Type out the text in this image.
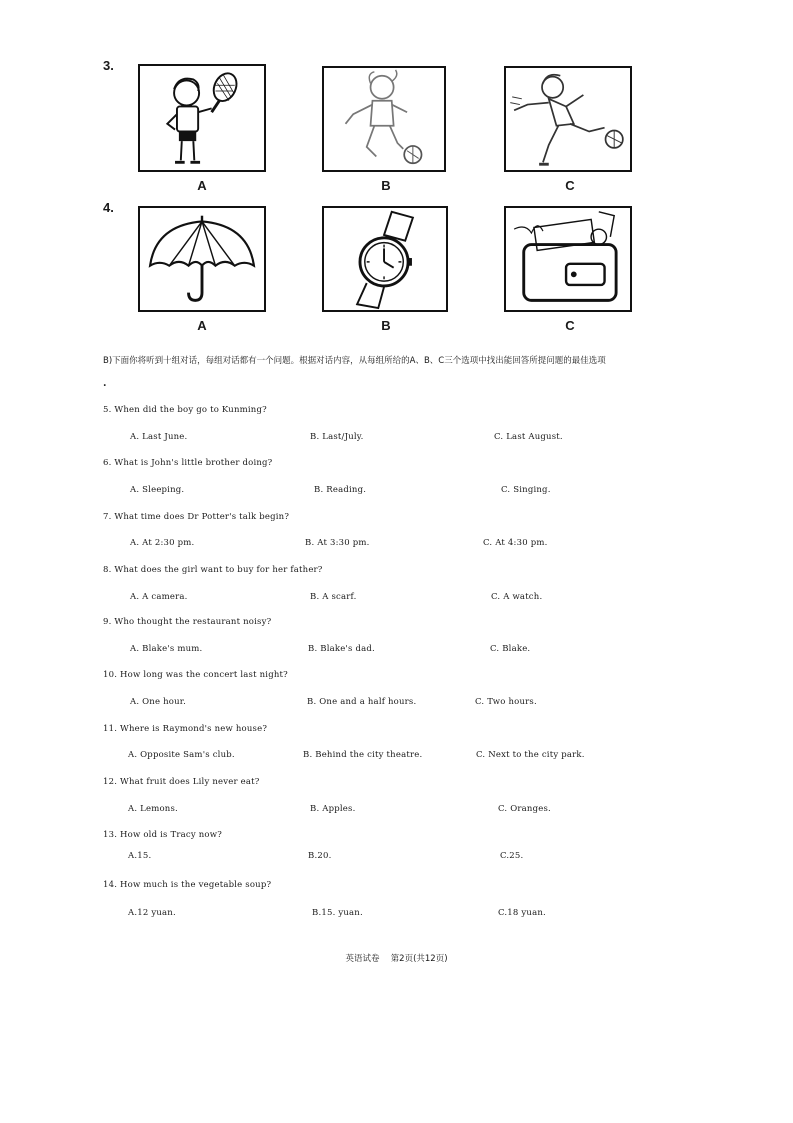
3.
A	B	C
4.
A	B	C
B)下面你将听到十组对话，每组对话都有一个问题。根据对话内容，从每组所给的A、B、C三个选项中找出能回答所提问题的最佳选项
.
5. When did the boy go to Kunming?
A. Last June.	B. Last/July.	C. Last August.
6. What is John's little brother doing?
A. Sleeping.	B. Reading.	C. Singing.
7. What time does Dr Potter's talk begin?
A. At 2:30 pm.	B. At 3:30 pm.	C. At 4:30 pm.
8. What does the girl want to buy for her father?
A. A camera.	B. A scarf.	C. A watch.
9. Who thought the restaurant noisy?
A. Blake's mum.	B. Blake's dad.	C. Blake.
10. How long was the concert last night?
A. One hour.	B. One and a half hours.	C. Two hours.
11. Where is Raymond's new house?
A. Opposite Sam's club.	B. Behind the city theatre.	C. Next to the city park.
12. What fruit does Lily never eat?
A. Lemons.	B. Apples.	C. Oranges.
13. How old is Tracy now?
A.15.	B.20.	C.25.
14. How much is the vegetable soup?
A.12 yuan.	B.15. yuan.	C.18 yuan.
英语试卷　 第2页(共12页)
